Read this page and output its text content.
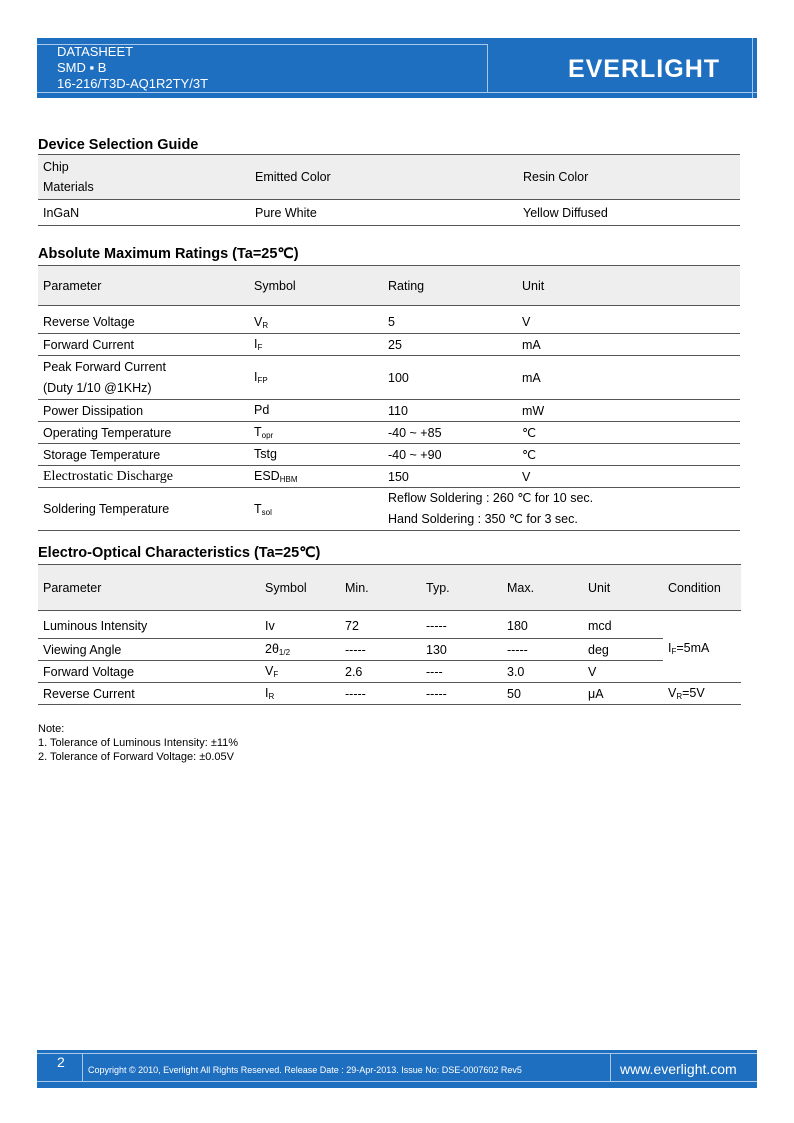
DATASHEET
SMD ▪ B
16-216/T3D-AQ1R2TY/3T
EVERLIGHT
Device Selection Guide
Chip
Materials	Emitted Color	Resin Color
InGaN	Pure White	Yellow Diffused
Absolute Maximum Ratings (Ta=25℃)
Parameter	Symbol	Rating	Unit

Reverse Voltage	$V_R$	5	V
Forward Current	$I_F$	25	mA
Peak Forward Current
(Duty 1/10 @1KHz)	$I_{FP}$	100	mA
Power Dissipation	Pd	110	mW
Operating Temperature	$T_{opr}$	-40 ~ +85	℃
Storage Temperature	Tstg	-40 ~ +90	℃
Electrostatic Discharge	$ESD_{HBM}$	150	V
Soldering Temperature	$T_{sol}$	Reflow Soldering : 260 ℃ for 10 sec.
Hand Soldering : 350 ℃ for 3 sec.	
Electro-Optical Characteristics (Ta=25℃)
Parameter	Symbol	Min.	Typ.	Max.	Unit	Condition

Luminous Intensity	Iv	72	-----	180	mcd	$I_F=5mA$
Viewing Angle	$2\theta_{1/2}$	-----	130	-----	deg	
Forward Voltage	$V_F$	2.6	----	3.0	V	
Reverse Current	$I_R$	-----	-----	50	μA	$V_R=5V$
Note:
1. Tolerance of Luminous Intensity: ±11%
2. Tolerance of Forward Voltage: ±0.05V
2	Copyright © 2010, Everlight All Rights Reserved. Release Date : 29-Apr-2013. Issue No: DSE-0007602 Rev5	www.everlight.com
